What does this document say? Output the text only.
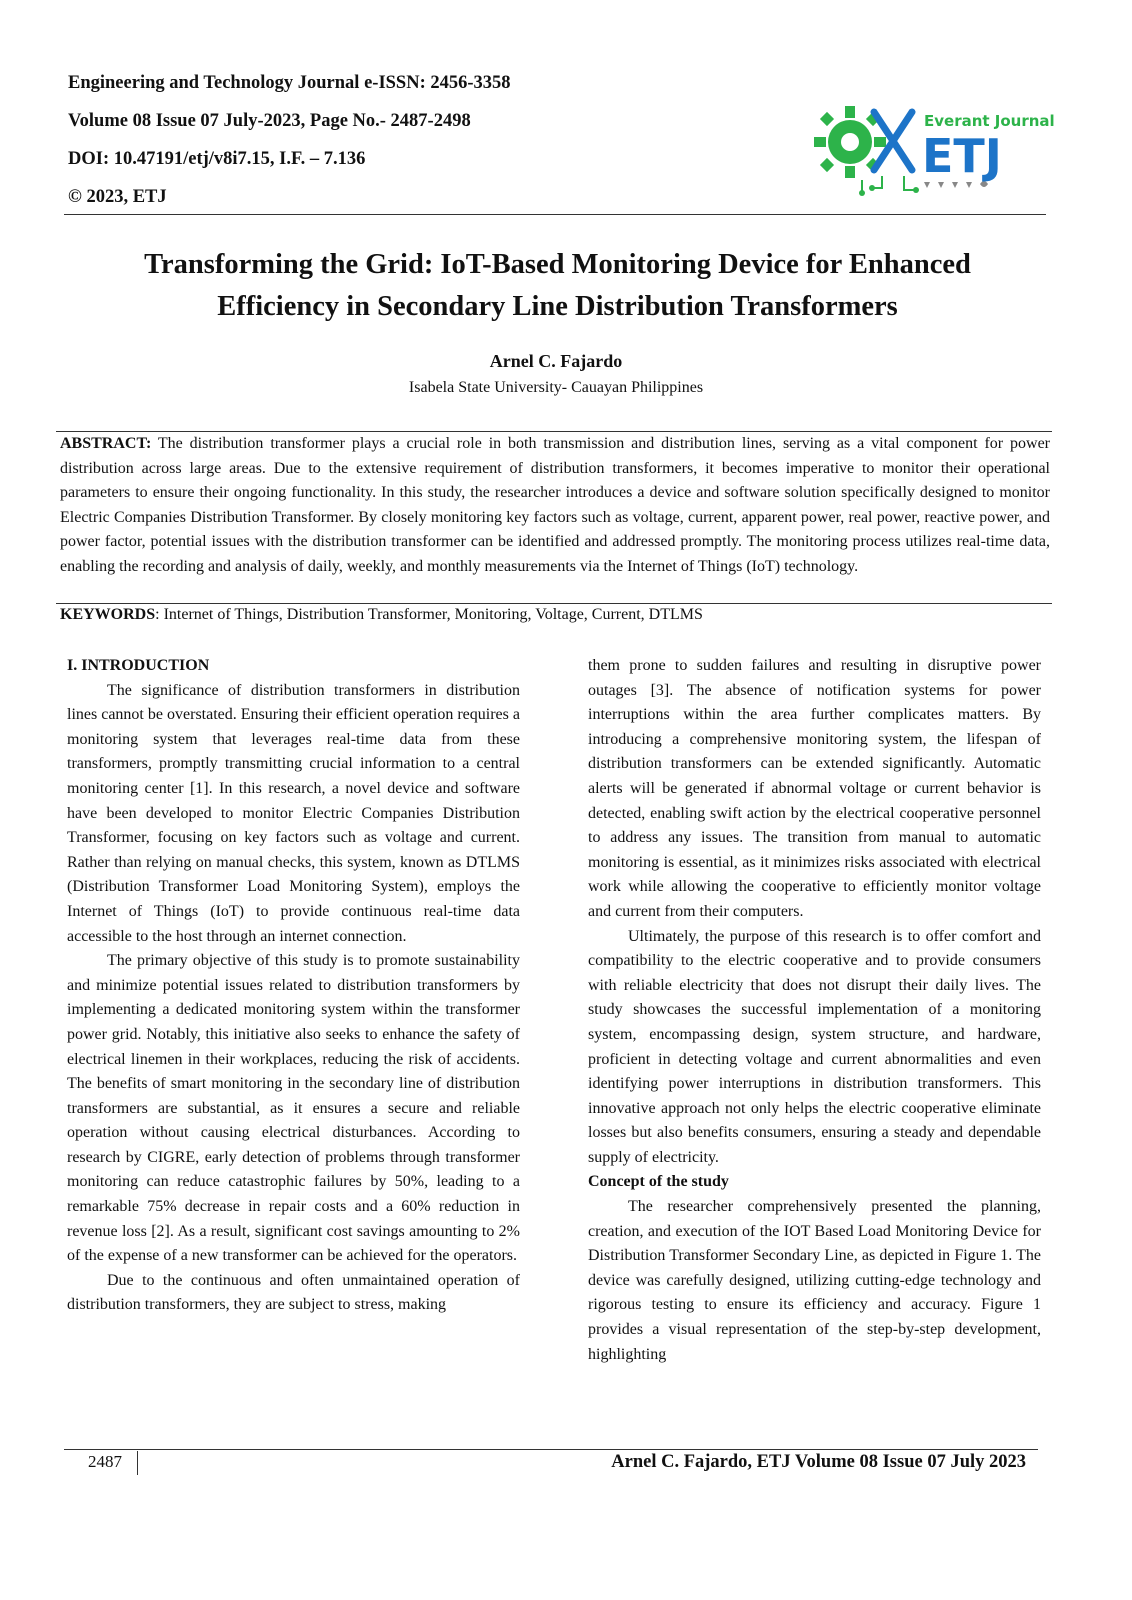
Engineering and Technology Journal e-ISSN: 2456-3358
Volume 08 Issue 07 July-2023, Page No.- 2487-2498
DOI: 10.47191/etj/v8i7.15, I.F. – 7.136
© 2023, ETJ
Everant Journal
ETJ
Transforming the Grid: IoT-Based Monitoring Device for Enhanced Efficiency in Secondary Line Distribution Transformers
Arnel C. Fajardo
Isabela State University- Cauayan Philippines
ABSTRACT: The distribution transformer plays a crucial role in both transmission and distribution lines, serving as a vital component for power distribution across large areas. Due to the extensive requirement of distribution transformers, it becomes imperative to monitor their operational parameters to ensure their ongoing functionality. In this study, the researcher introduces a device and software solution specifically designed to monitor Electric Companies Distribution Transformer. By closely monitoring key factors such as voltage, current, apparent power, real power, reactive power, and power factor, potential issues with the distribution transformer can be identified and addressed promptly. The monitoring process utilizes real-time data, enabling the recording and analysis of daily, weekly, and monthly measurements via the Internet of Things (IoT) technology.
KEYWORDS: Internet of Things, Distribution Transformer, Monitoring, Voltage, Current, DTLMS

I. INTRODUCTION

The significance of distribution transformers in distribution lines cannot be overstated. Ensuring their efficient operation requires a monitoring system that leverages real-time data from these transformers, promptly transmitting crucial information to a central monitoring center [1]. In this research, a novel device and software have been developed to monitor Electric Companies Distribution Transformer, focusing on key factors such as voltage and current. Rather than relying on manual checks, this system, known as DTLMS (Distribution Transformer Load Monitoring System), employs the Internet of Things (IoT) to provide continuous real-time data accessible to the host through an internet connection.

The primary objective of this study is to promote sustainability and minimize potential issues related to distribution transformers by implementing a dedicated monitoring system within the transformer power grid. Notably, this initiative also seeks to enhance the safety of electrical linemen in their workplaces, reducing the risk of accidents. The benefits of smart monitoring in the secondary line of distribution transformers are substantial, as it ensures a secure and reliable operation without causing electrical disturbances. According to research by CIGRE, early detection of problems through transformer monitoring can reduce catastrophic failures by 50%, leading to a remarkable 75% decrease in repair costs and a 60% reduction in revenue loss [2]. As a result, significant cost savings amounting to 2% of the expense of a new transformer can be achieved for the operators.

Due to the continuous and often unmaintained operation of distribution transformers, they are subject to stress, making

them prone to sudden failures and resulting in disruptive power outages [3]. The absence of notification systems for power interruptions within the area further complicates matters. By introducing a comprehensive monitoring system, the lifespan of distribution transformers can be extended significantly. Automatic alerts will be generated if abnormal voltage or current behavior is detected, enabling swift action by the electrical cooperative personnel to address any issues. The transition from manual to automatic monitoring is essential, as it minimizes risks associated with electrical work while allowing the cooperative to efficiently monitor voltage and current from their computers.

Ultimately, the purpose of this research is to offer comfort and compatibility to the electric cooperative and to provide consumers with reliable electricity that does not disrupt their daily lives. The study showcases the successful implementation of a monitoring system, encompassing design, system structure, and hardware, proficient in detecting voltage and current abnormalities and even identifying power interruptions in distribution transformers. This innovative approach not only helps the electric cooperative eliminate losses but also benefits consumers, ensuring a steady and dependable supply of electricity.

Concept of the study

The researcher comprehensively presented the planning, creation, and execution of the IOT Based Load Monitoring Device for Distribution Transformer Secondary Line, as depicted in Figure 1. The device was carefully designed, utilizing cutting-edge technology and rigorous testing to ensure its efficiency and accuracy. Figure 1 provides a visual representation of the step-by-step development, highlighting

2487	Arnel C. Fajardo, ETJ Volume 08 Issue 07 July 2023
